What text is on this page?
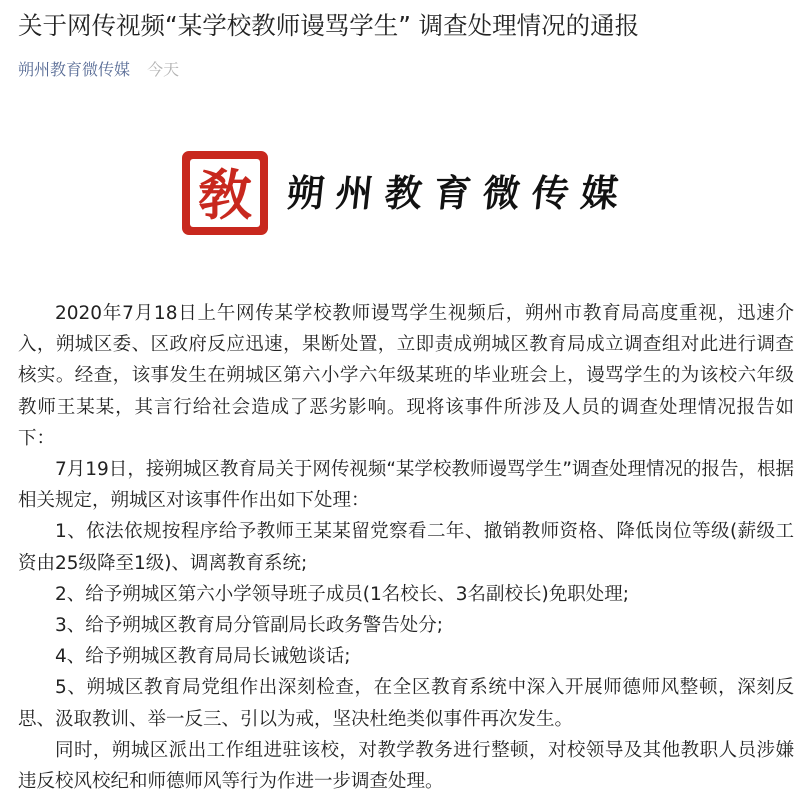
关于网传视频“某学校教师谩骂学生” 调查处理情况的通报
朔州教育微传媒 今天
敎 朔州教育微传媒

2020年7月18日上午网传某学校教师谩骂学生视频后，朔州市教育局高度重视，迅速介入，朔城区委、区政府反应迅速，果断处置，立即责成朔城区教育局成立调查组对此进行调查核实。经查，该事发生在朔城区第六小学六年级某班的毕业班会上，谩骂学生的为该校六年级教师王某某，其言行给社会造成了恶劣影响。现将该事件所涉及人员的调查处理情况报告如下：

7月19日，接朔城区教育局关于网传视频“某学校教师谩骂学生”调查处理情况的报告，根据相关规定，朔城区对该事件作出如下处理：

1、依法依规按程序给予教师王某某留党察看二年、撤销教师资格、降低岗位等级(薪级工资由25级降至1级)、调离教育系统;

2、给予朔城区第六小学领导班子成员(1名校长、3名副校长)免职处理;

3、给予朔城区教育局分管副局长政务警告处分;

4、给予朔城区教育局局长诫勉谈话;

5、朔城区教育局党组作出深刻检查，在全区教育系统中深入开展师德师风整顿，深刻反思、汲取教训、举一反三、引以为戒，坚决杜绝类似事件再次发生。

同时，朔城区派出工作组进驻该校，对教学教务进行整顿，对校领导及其他教职人员涉嫌违反校风校纪和师德师风等行为作进一步调查处理。
